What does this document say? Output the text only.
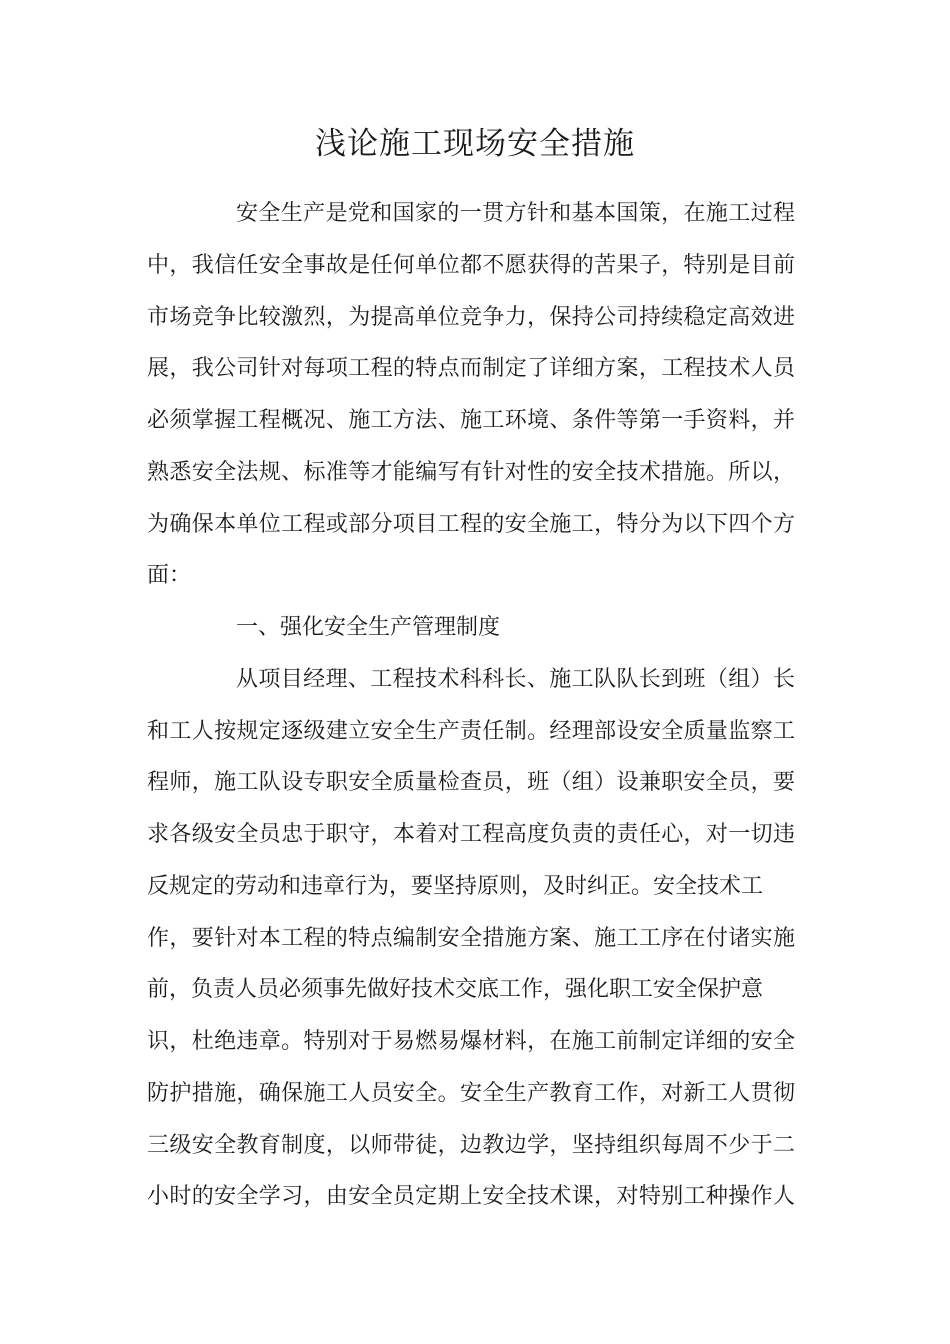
浅论施工现场安全措施

安全生产是党和国家的一贯方针和基本国策，在施工过程

中，我信任安全事故是任何单位都不愿获得的苦果子，特别是目前

市场竞争比较激烈，为提高单位竞争力，保持公司持续稳定高效进

展，我公司针对每项工程的特点而制定了详细方案，工程技术人员

必须掌握工程概况、施工方法、施工环境、条件等第一手资料，并

熟悉安全法规、标准等才能编写有针对性的安全技术措施。所以，

为确保本单位工程或部分项目工程的安全施工，特分为以下四个方

面：

一、强化安全生产管理制度

从项目经理、工程技术科科长、施工队队长到班（组）长

和工人按规定逐级建立安全生产责任制。经理部设安全质量监察工

程师，施工队设专职安全质量检查员，班（组）设兼职安全员，要

求各级安全员忠于职守，本着对工程高度负责的责任心，对一切违

反规定的劳动和违章行为，要坚持原则，及时纠正。安全技术工

作，要针对本工程的特点编制安全措施方案、施工工序在付诸实施

前，负责人员必须事先做好技术交底工作，强化职工安全保护意

识，杜绝违章。特别对于易燃易爆材料，在施工前制定详细的安全

防护措施，确保施工人员安全。安全生产教育工作，对新工人贯彻

三级安全教育制度，以师带徒，边教边学，坚持组织每周不少于二

小时的安全学习，由安全员定期上安全技术课，对特别工种操作人
